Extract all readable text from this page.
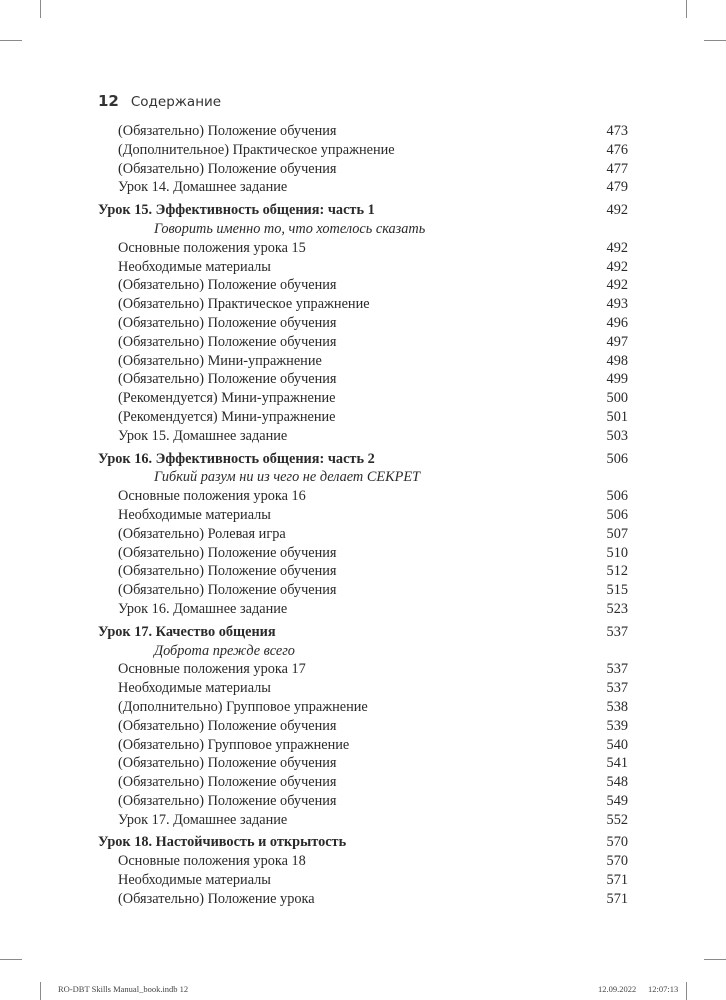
12 Содержание
(Обязательно) Положение обучения	473
(Дополнительное) Практическое упражнение	476
(Обязательно) Положение обучения	477
Урок 14. Домашнее задание	479
Урок 15. Эффективность общения: часть 1	492
Говорить именно то, что хотелось сказать
Основные положения урока 15	492
Необходимые материалы	492
(Обязательно) Положение обучения	492
(Обязательно) Практическое упражнение	493
(Обязательно) Положение обучения	496
(Обязательно) Положение обучения	497
(Обязательно) Мини-упражнение	498
(Обязательно) Положение обучения	499
(Рекомендуется) Мини-упражнение	500
(Рекомендуется) Мини-упражнение	501
Урок 15. Домашнее задание	503
Урок 16. Эффективность общения: часть 2	506
Гибкий разум ни из чего не делает СЕКРЕТ
Основные положения урока 16	506
Необходимые материалы	506
(Обязательно) Ролевая игра	507
(Обязательно) Положение обучения	510
(Обязательно) Положение обучения	512
(Обязательно) Положение обучения	515
Урок 16. Домашнее задание	523
Урок 17. Качество общения	537
Доброта прежде всего
Основные положения урока 17	537
Необходимые материалы	537
(Дополнительно) Групповое упражнение	538
(Обязательно) Положение обучения	539
(Обязательно) Групповое упражнение	540
(Обязательно) Положение обучения	541
(Обязательно) Положение обучения	548
(Обязательно) Положение обучения	549
Урок 17. Домашнее задание	552
Урок 18. Настойчивость и открытость	570
Основные положения урока 18	570
Необходимые материалы	571
(Обязательно) Положение урока	571
RO-DBT Skills Manual_book.indb 12	12.09.2022 12:07:13
